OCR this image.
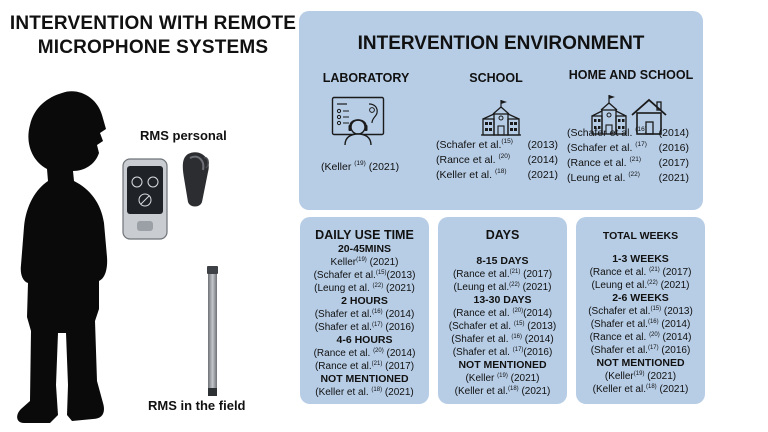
INTERVENTION WITH REMOTE
MICROPHONE SYSTEMS
RMS personal
RMS in the field
INTERVENTION ENVIRONMENT
LABORATORY	SCHOOL	HOME AND SCHOOL
(Keller $^{(19)}$ (2021)
(Schafer et al.$^{(15)}$ (2013)
(Rance et al. $^{(20)}$ (2014)
(Keller et al. $^{(18)}$ (2021)
(Schafer et al. $^{(16)}$ (2014)
(Schafer et al. $^{(17)}$ (2016)
(Rance et al. $^{(21)}$ (2017)
(Leung et al. $^{(22)}$ (2021)
DAILY USE TIME
20-45MINS
Keller$^{(19)}$ (2021)
(Schafer et al.$^{(15)}$(2013)
(Leung et al. $^{(22)}$ (2021)
2 HOURS
(Shafer et al.$^{(16)}$ (2014)
(Shafer et al.$^{(17)}$ (2016)
4-6 HOURS
(Rance et al. $^{(20)}$ (2014)
(Rance et al.$^{(21)}$ (2017)
NOT MENTIONED
(Keller et al. $^{(18)}$ (2021)
DAYS
8-15 DAYS
(Rance et al.$^{(21)}$ (2017)
(Leung et al.$^{(22)}$ (2021)
13-30 DAYS
(Rance et al. $^{(20)}$(2014)
(Schafer et al. $^{(15)}$ (2013)
(Shafer et al. $^{(16)}$ (2014)
(Shafer et al. $^{(17)}$(2016)
NOT MENTIONED
(Keller $^{(19)}$ (2021)
(Keller et al.$^{(18)}$ (2021)
TOTAL WEEKS
1-3 WEEKS
(Rance et al. $^{(21)}$ (2017)
(Leung et al.$^{(22)}$ (2021)
2-6 WEEKS
(Schafer et al.$^{(15)}$ (2013)
(Shafer et al.$^{(16)}$ (2014)
(Rance et al. $^{(20)}$ (2014)
(Shafer et al.$^{(17)}$ (2016)
NOT MENTIONED
(Keller$^{(19)}$ (2021)
(Keller et al.$^{(18)}$ (2021)
